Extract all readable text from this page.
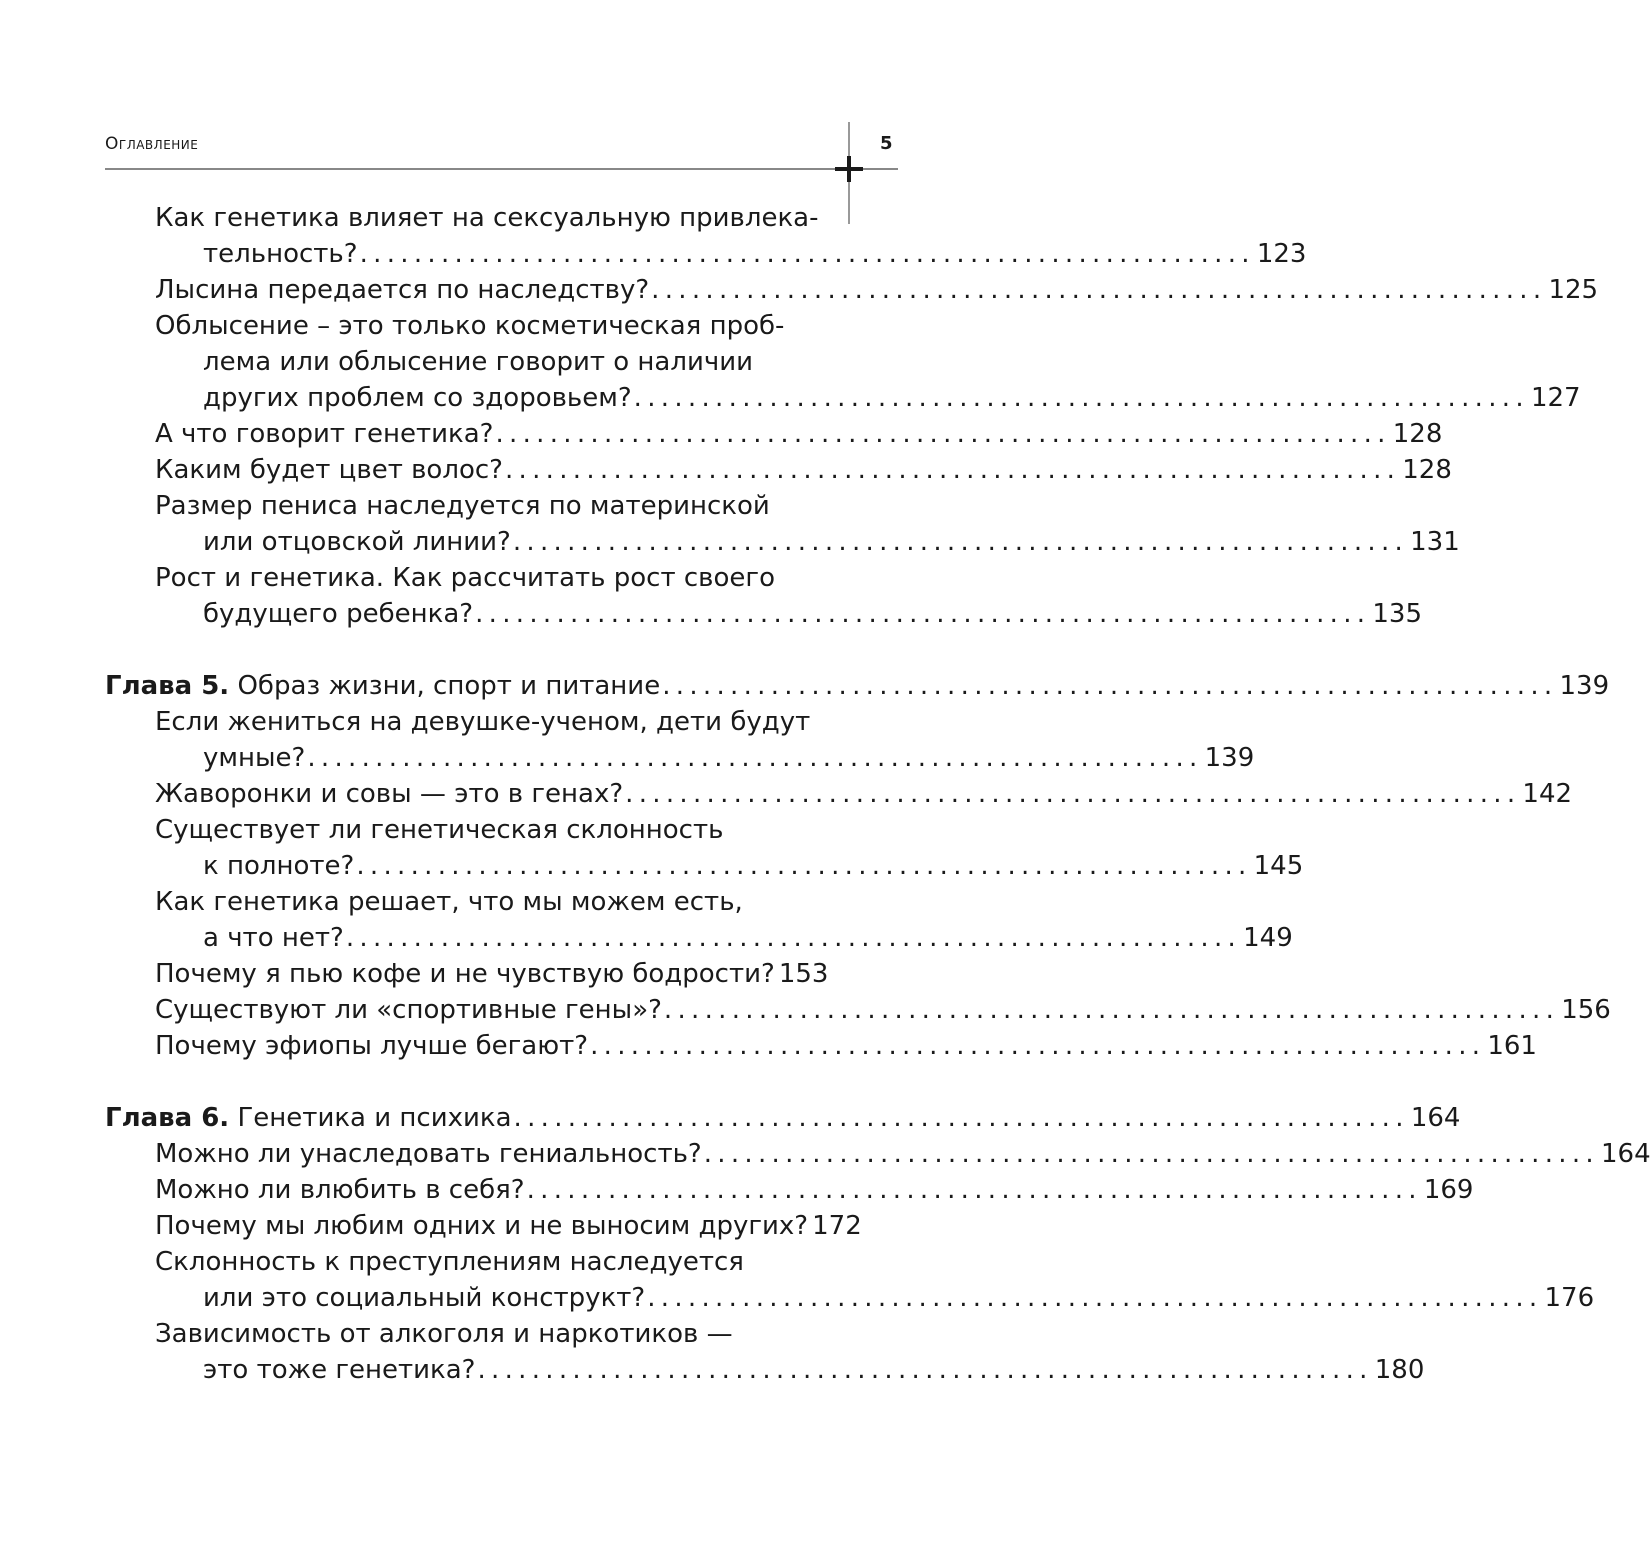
Оглавление	5
Как генетика влияет на сексуальную привлека-
тельность? .................................................................. 123
Лысина передается по наследству? .................................................................. 125
Облысение – это только косметическая проб-
лема или облысение говорит о наличии
других проблем со здоровьем? .................................................................. 127
А что говорит генетика? .................................................................. 128
Каким будет цвет волос? .................................................................. 128
Размер пениса наследуется по материнской
или отцовской линии? .................................................................. 131
Рост и генетика. Как рассчитать рост своего
будущего ребенка? .................................................................. 135
Глава 5. Образ жизни, спорт и питание .................................................................. 139
Если жениться на девушке-ученом, дети будут
умные? .................................................................. 139
Жаворонки и совы — это в генах? .................................................................. 142
Существует ли генетическая склонность
к полноте? .................................................................. 145
Как генетика решает, что мы можем есть,
а что нет? .................................................................. 149
Почему я пью кофе и не чувствую бодрости? 153
Существуют ли «спортивные гены»? .................................................................. 156
Почему эфиопы лучше бегают? .................................................................. 161
Глава 6. Генетика и психика .................................................................. 164
Можно ли унаследовать гениальность? .................................................................. 164
Можно ли влюбить в себя? .................................................................. 169
Почему мы любим одних и не выносим других? 172
Склонность к преступлениям наследуется
или это социальный конструкт? .................................................................. 176
Зависимость от алкоголя и наркотиков —
это тоже генетика? .................................................................. 180
